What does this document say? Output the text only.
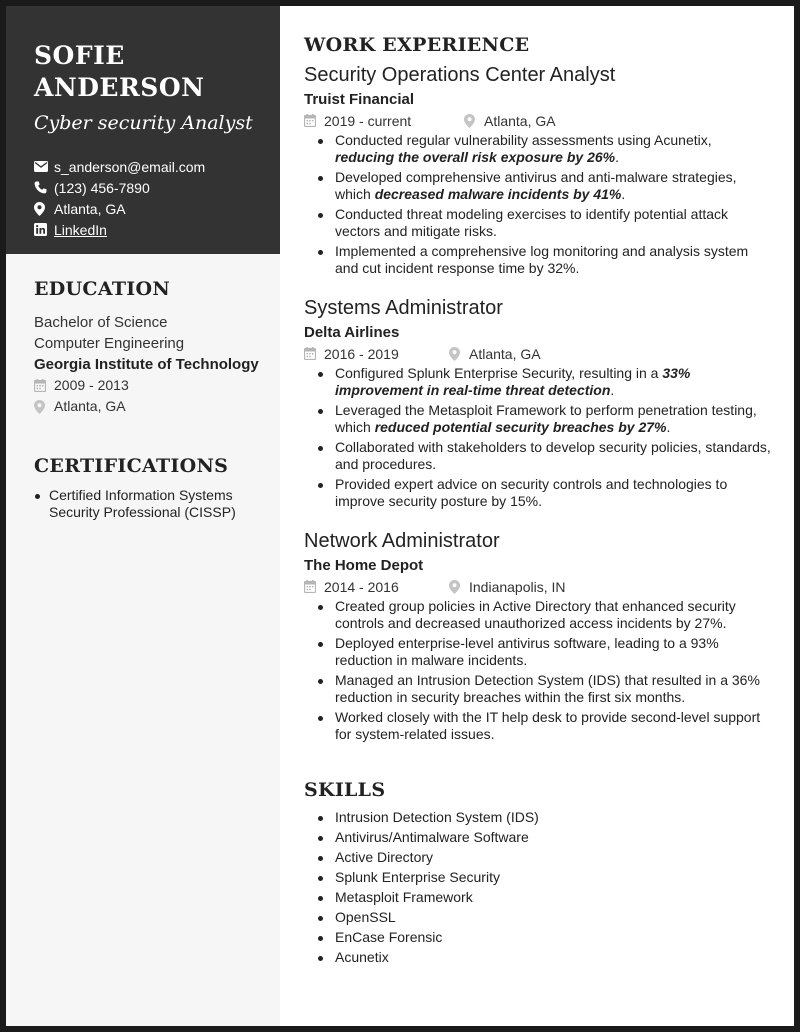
SOFIE
ANDERSON
Cyber security Analyst
s_anderson@email.com
(123) 456-7890
Atlanta, GA
LinkedIn
EDUCATION
Bachelor of Science
Computer Engineering
Georgia Institute of Technology
2009 - 2013
Atlanta, GA
CERTIFICATIONS
Certified Information Systems Security Professional (CISSP)
WORK EXPERIENCE
Security Operations Center Analyst
Truist Financial
2019 - current	Atlanta, GA
Conducted regular vulnerability assessments using Acunetix, reducing the overall risk exposure by 26%.
Developed comprehensive antivirus and anti-malware strategies, which decreased malware incidents by 41%.
Conducted threat modeling exercises to identify potential attack vectors and mitigate risks.
Implemented a comprehensive log monitoring and analysis system and cut incident response time by 32%.
Systems Administrator
Delta Airlines
2016 - 2019	Atlanta, GA
Configured Splunk Enterprise Security, resulting in a 33% improvement in real-time threat detection.
Leveraged the Metasploit Framework to perform penetration testing, which reduced potential security breaches by 27%.
Collaborated with stakeholders to develop security policies, standards, and procedures.
Provided expert advice on security controls and technologies to improve security posture by 15%.
Network Administrator
The Home Depot
2014 - 2016	Indianapolis, IN
Created group policies in Active Directory that enhanced security controls and decreased unauthorized access incidents by 27%.
Deployed enterprise-level antivirus software, leading to a 93% reduction in malware incidents.
Managed an Intrusion Detection System (IDS) that resulted in a 36% reduction in security breaches within the first six months.
Worked closely with the IT help desk to provide second-level support for system-related issues.
SKILLS
Intrusion Detection System (IDS)
Antivirus/Antimalware Software
Active Directory
Splunk Enterprise Security
Metasploit Framework
OpenSSL
EnCase Forensic
Acunetix
